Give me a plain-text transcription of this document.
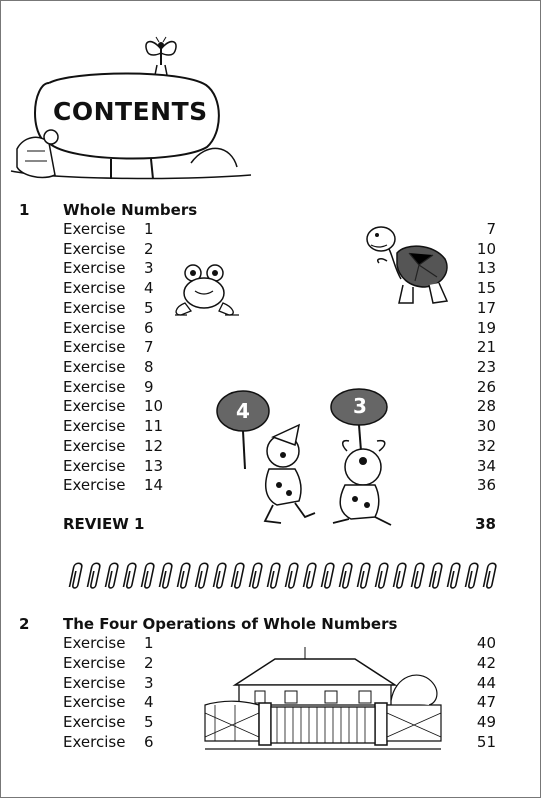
CONTENTS
1 Whole Numbers
Exercise 1	7
Exercise 2	10
Exercise 3	13
Exercise 4	15
Exercise 5	17
Exercise 6	19
Exercise 7	21
Exercise 8	23
Exercise 9	26
Exercise 10	28
Exercise 11	30
Exercise 12	32
Exercise 13	34
Exercise 14	36
REVIEW 1	38
4	3
2 The Four Operations of Whole Numbers
Exercise 1	40
Exercise 2	42
Exercise 3	44
Exercise 4	47
Exercise 5	49
Exercise 6	51
